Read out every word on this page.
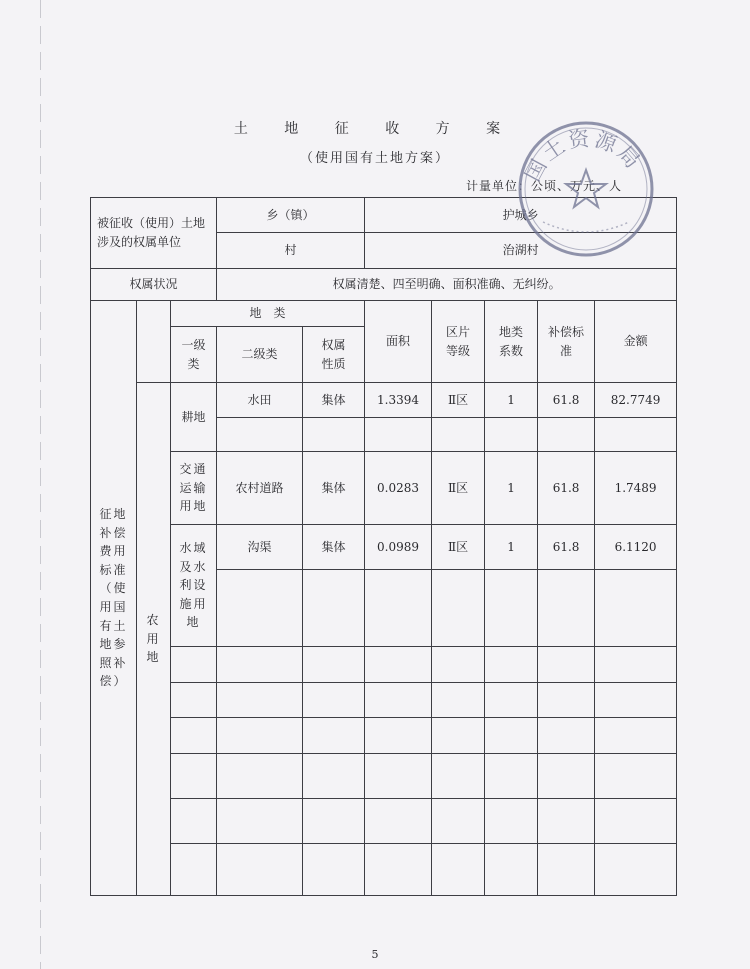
土 地 征 收 方 案
（使用国有土地方案）
计量单位：公顷、万元、人
被征收（使用）土地涉及的权属单位			乡（镇）		护城乡				
			村		治湖村				
权属状况			权属清楚、四至明确、面积准确、无纠纷。						
征地补偿费用标准（使用国有土地参照补偿）		地　类			面积	区片等级	地类系数	补偿标准	金额
		一级类	二级类	权属性质					
	农用地	耕地	水田	集体	1.3394	Ⅱ区	1	61.8	82.7749

		交通运输用地	农村道路	集体	0.0283	Ⅱ区	1	61.8	1.7489
		水域及水利设施用地	沟渠	集体	0.0989	Ⅱ区	1	61.8	6.1120

国土资源局
5
